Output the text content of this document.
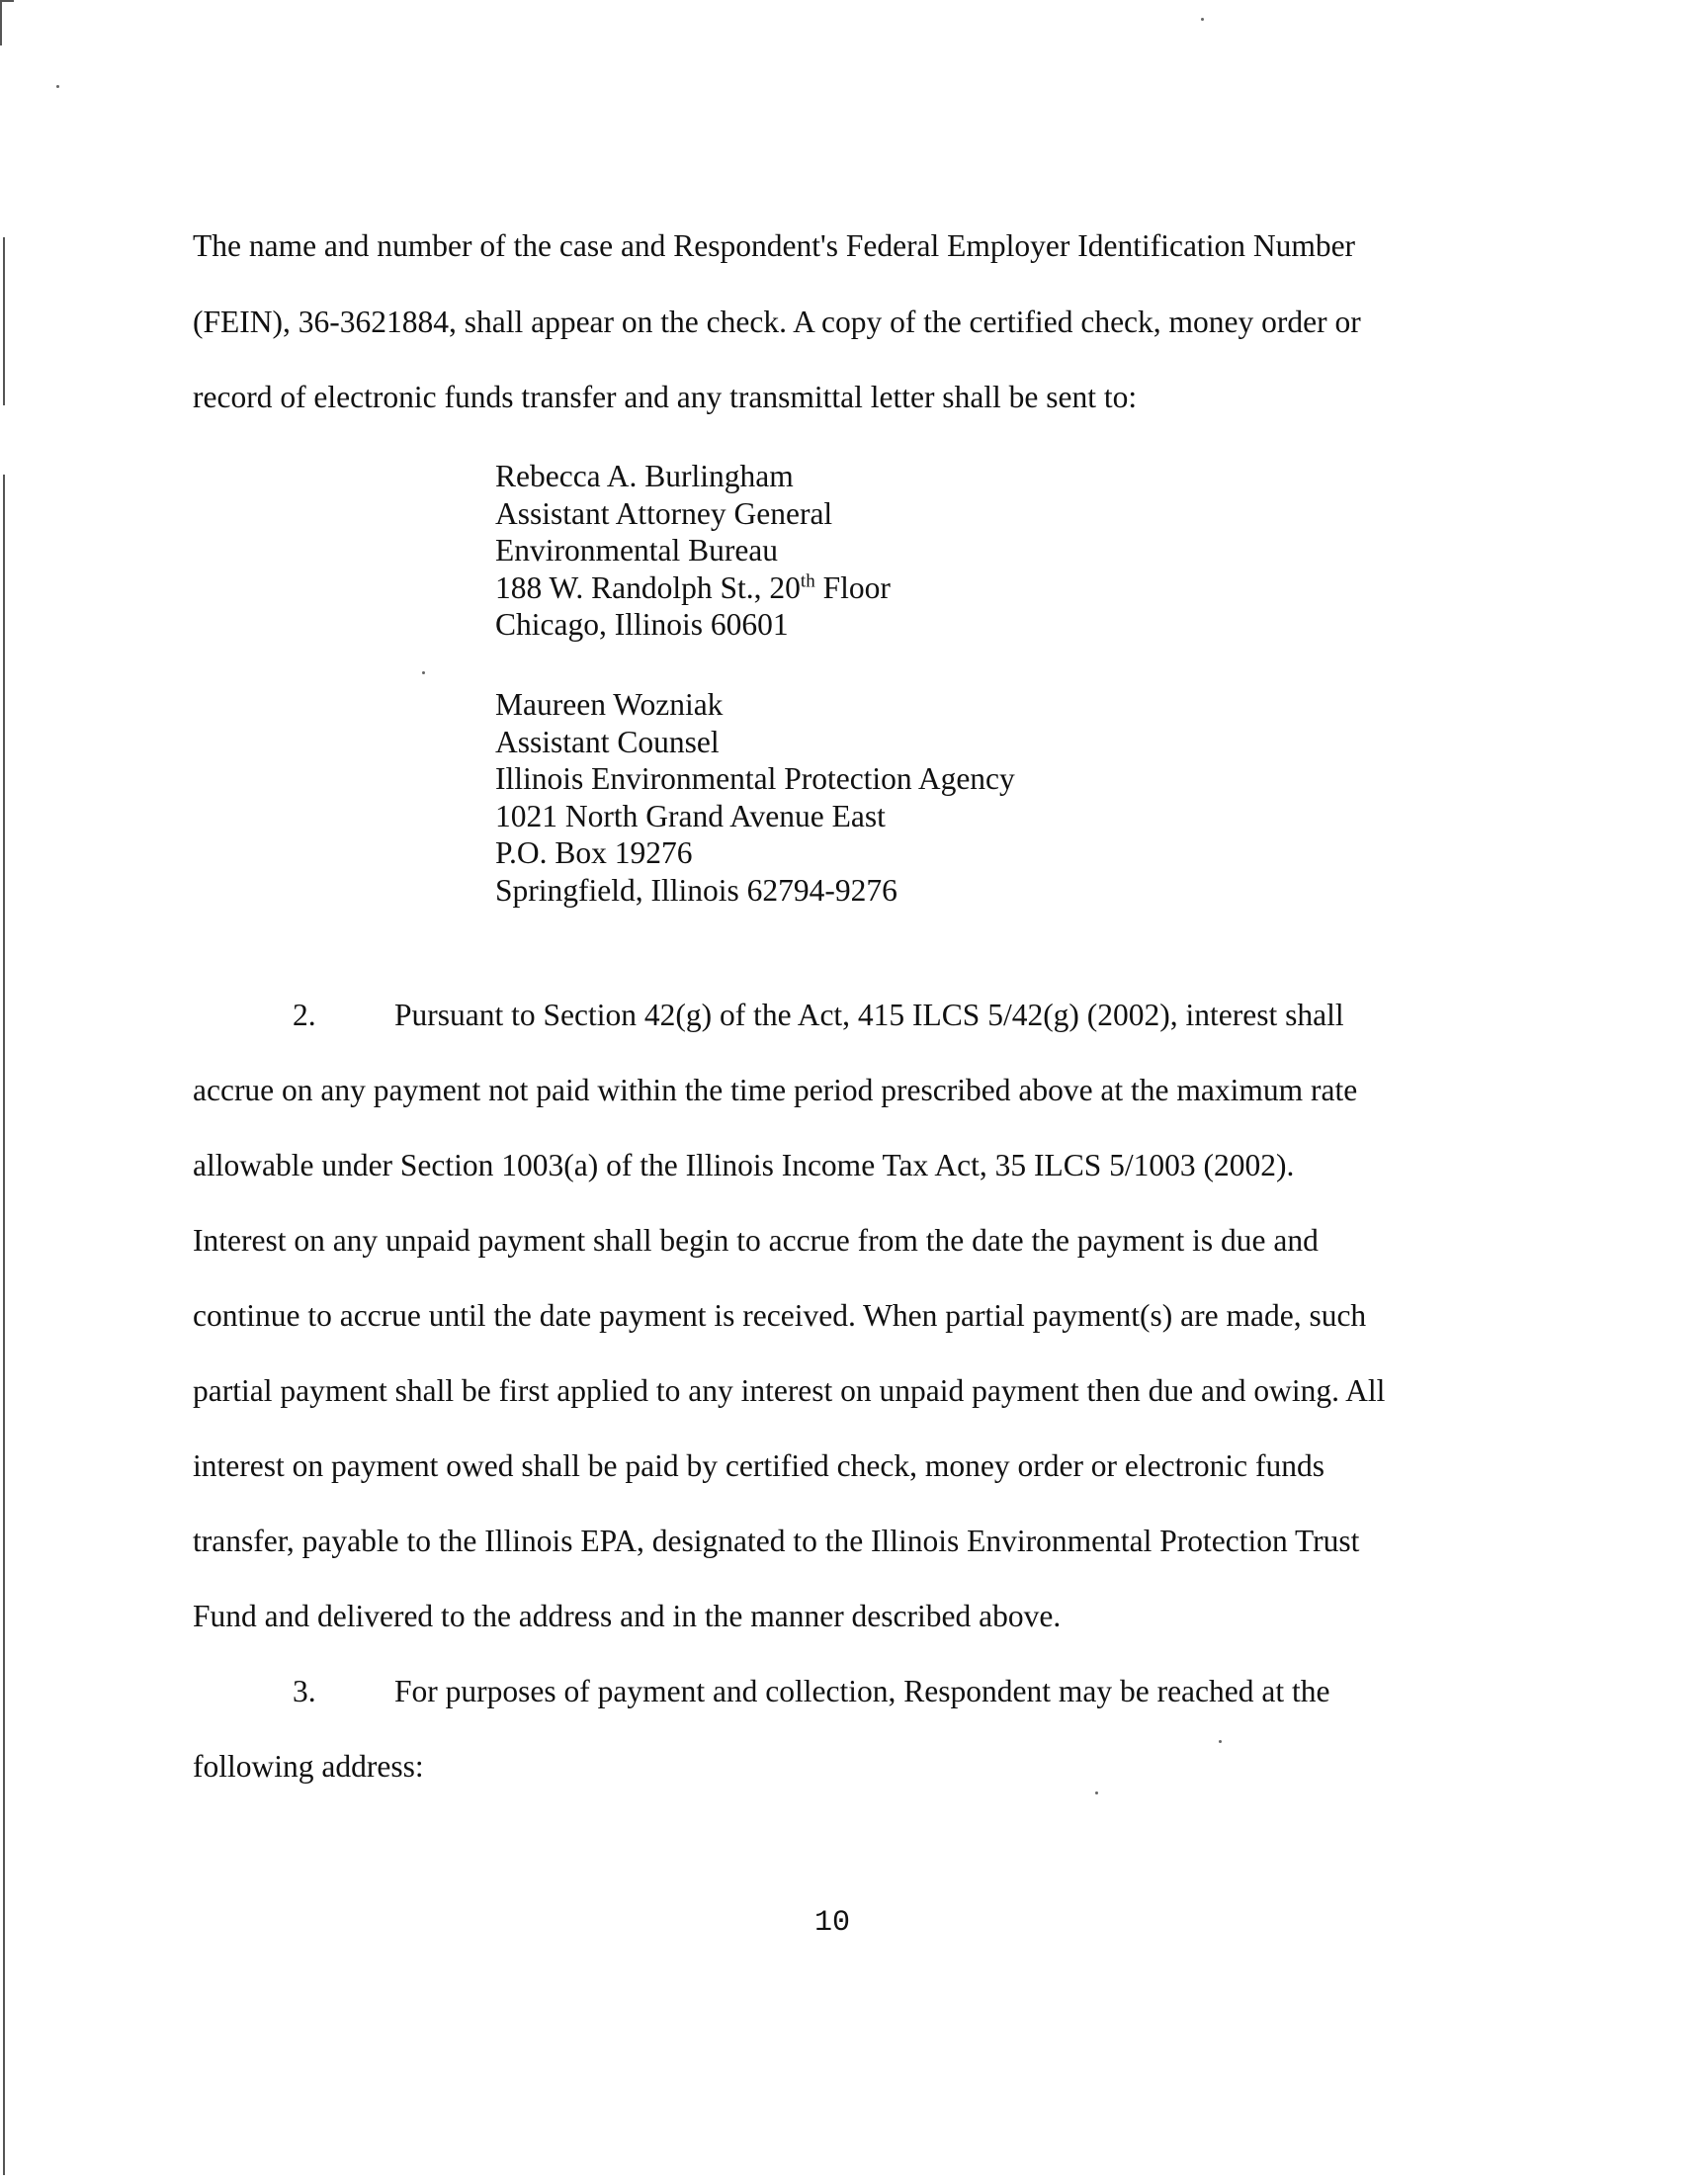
The name and number of the case and Respondent's Federal Employer Identification Number
(FEIN), 36-3621884, shall appear on the check. A copy of the certified check, money order or
record of electronic funds transfer and any transmittal letter shall be sent to:
Rebecca A. Burlingham
Assistant Attorney General
Environmental Bureau
188 W. Randolph St., 20th Floor
Chicago, Illinois 60601
Maureen Wozniak
Assistant Counsel
Illinois Environmental Protection Agency
1021 North Grand Avenue East
P.O. Box 19276
Springfield, Illinois 62794-9276
2.	Pursuant to Section 42(g) of the Act, 415 ILCS 5/42(g) (2002), interest shall
accrue on any payment not paid within the time period prescribed above at the maximum rate
allowable under Section 1003(a) of the Illinois Income Tax Act, 35 ILCS 5/1003 (2002).
Interest on any unpaid payment shall begin to accrue from the date the payment is due and
continue to accrue until the date payment is received. When partial payment(s) are made, such
partial payment shall be first applied to any interest on unpaid payment then due and owing. All
interest on payment owed shall be paid by certified check, money order or electronic funds
transfer, payable to the Illinois EPA, designated to the Illinois Environmental Protection Trust
Fund and delivered to the address and in the manner described above.
3.	For purposes of payment and collection, Respondent may be reached at the
following address:
10
